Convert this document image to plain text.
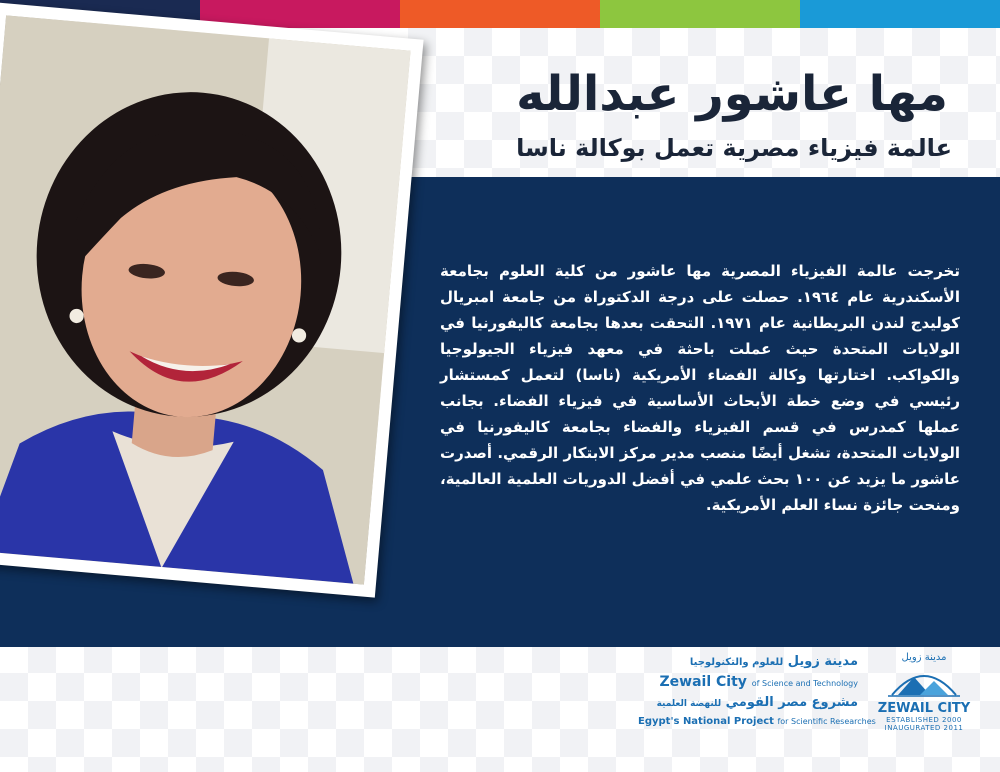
مها عاشور عبدالله
عالمة فيزياء مصرية تعمل بوكالة ناسا

تخرجت عالمة الفيزياء المصرية مها عاشور من كلية العلوم بجامعة الأسكندرية عام ١٩٦٤. حصلت على درجة الدكتوراة من جامعة امبريال كوليدج لندن البريطانية عام ١٩٧١. التحقت بعدها بجامعة كاليفورنيا في الولايات المتحدة حيث عملت باحثة في معهد فيزياء الجيولوجيا والكواكب. اختارتها وكالة الفضاء الأمريكية (ناسا) لتعمل كمستشار رئيسي في وضع خطة الأبحاث الأساسية في فيزياء الفضاء. بجانب عملها كمدرس في قسم الفيزياء والفضاء بجامعة كاليفورنيا في الولايات المتحدة، تشغل أيضًا منصب مدير مركز الابتكار الرقمي. أصدرت عاشور ما يزيد عن ١٠٠ بحث علمي في أفضل الدوريات العلمية العالمية، ومنحت جائزة نساء العلم الأمريكية.

مدينة زويل للعلوم والتكنولوجيا
Zewail City of Science and Technology
مشروع مصر القومي للنهضة العلمية
Egypt's National Project for Scientific Researches
مدينة زويل
ZEWAIL CITY
ESTABLISHED 2000
INAUGURATED 2011
